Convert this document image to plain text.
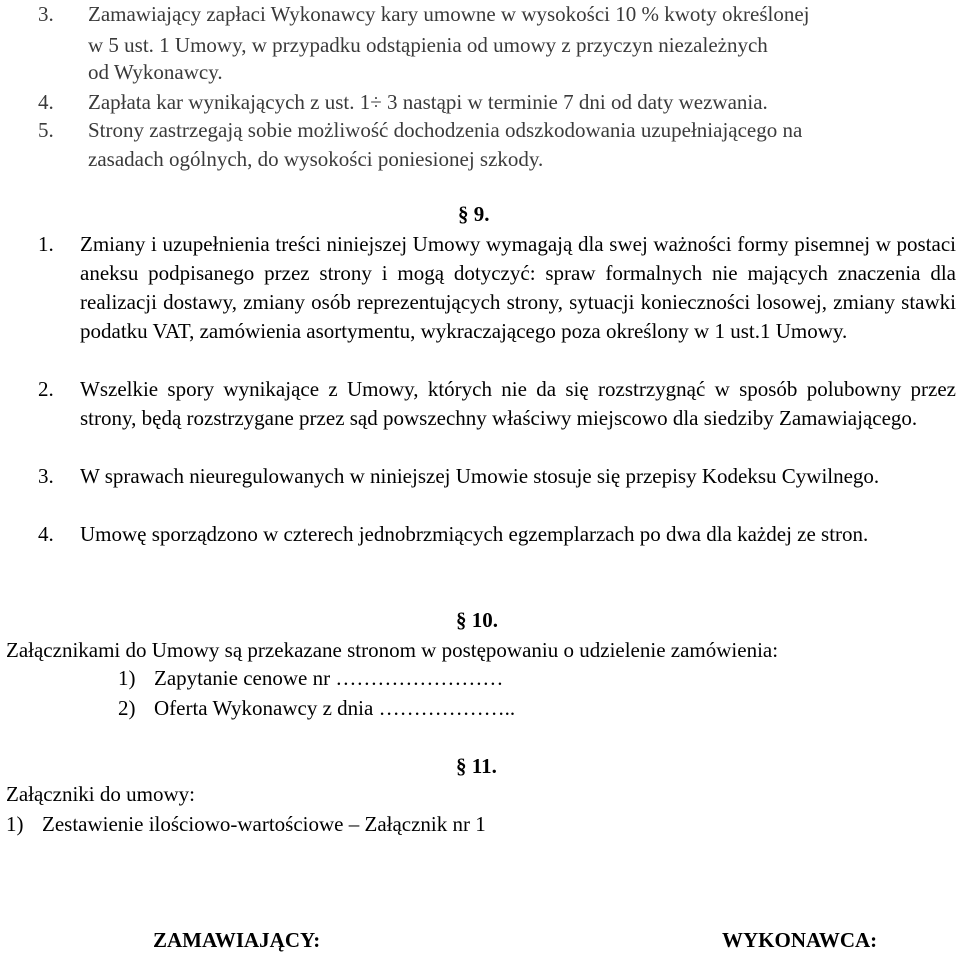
3. Zamawiający zapłaci Wykonawcy kary umowne w wysokości 10 % kwoty określonej
w 5 ust. 1 Umowy, w przypadku odstąpienia od umowy z przyczyn niezależnych
od Wykonawcy.
4. Zapłata kar wynikających z ust. 1÷ 3 nastąpi w terminie 7 dni od daty wezwania.
5. Strony zastrzegają sobie możliwość dochodzenia odszkodowania uzupełniającego na
zasadach ogólnych, do wysokości poniesionej szkody.
§ 9.
1. Zmiany i uzupełnienia treści niniejszej Umowy wymagają dla swej ważności formy pisemnej w postaci aneksu podpisanego przez strony i mogą dotyczyć: spraw formalnych nie mających znaczenia dla realizacji dostawy, zmiany osób reprezentujących strony, sytuacji konieczności losowej, zmiany stawki podatku VAT, zamówienia asortymentu, wykraczającego poza określony w 1 ust.1 Umowy.
2. Wszelkie spory wynikające z Umowy, których nie da się rozstrzygnąć w sposób polubowny przez strony, będą rozstrzygane przez sąd powszechny właściwy miejscowo dla siedziby Zamawiającego.
3. W sprawach nieuregulowanych w niniejszej Umowie stosuje się przepisy Kodeksu Cywilnego.
4. Umowę sporządzono w czterech jednobrzmiących egzemplarzach po dwa dla każdej ze stron.
§ 10.
Załącznikami do Umowy są przekazane stronom w postępowaniu o udzielenie zamówienia:
1) Zapytanie cenowe nr ……………………
2) Oferta Wykonawcy z dnia ………………..
§ 11.
Załączniki do umowy:
1) Zestawienie ilościowo-wartościowe – Załącznik nr 1
ZAMAWIAJĄCY:	WYKONAWCA:
